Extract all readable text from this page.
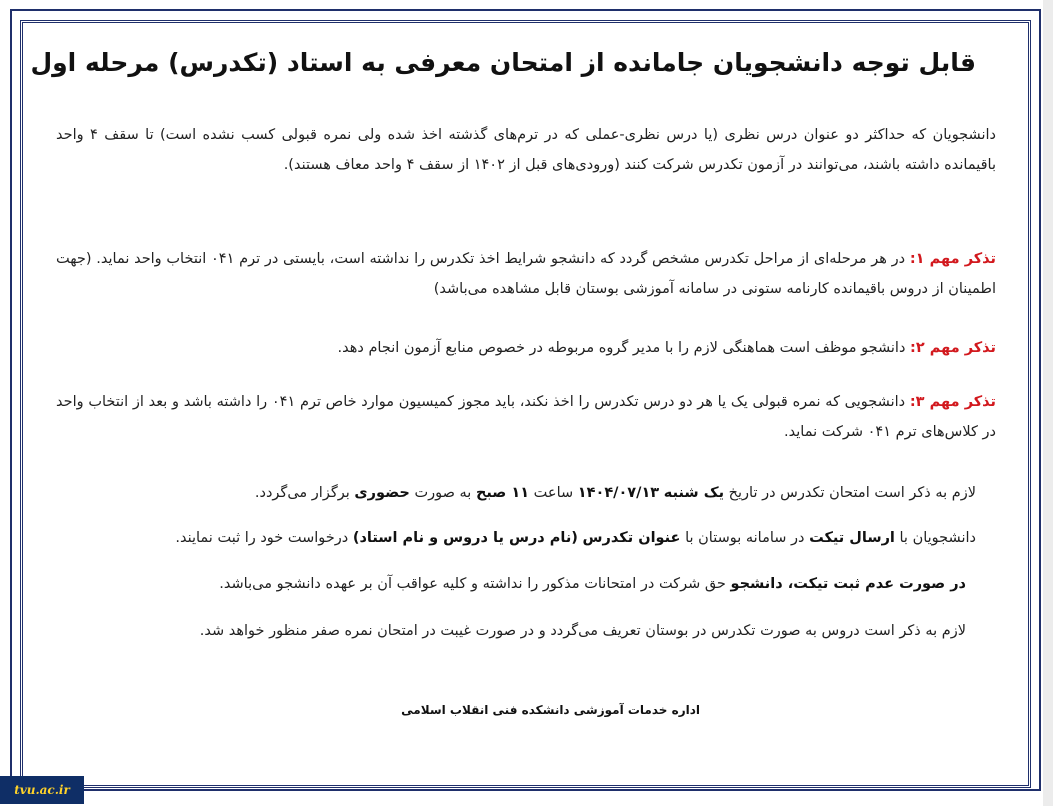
قابل توجه دانشجویان جامانده از امتحان معرفی به استاد (تکدرس) مرحله اول
دانشجویان که حداکثر دو عنوان درس نظری (یا درس نظری-عملی که در ترم‌های گذشته اخذ شده ولی نمره قبولی کسب نشده است) تا سقف ۴ واحد باقیمانده داشته باشند، می‌توانند در آزمون تکدرس شرکت کنند (ورودی‌های قبل از ۱۴۰۲ از سقف ۴ واحد معاف هستند).
تذکر مهم ۱: در هر مرحله‌ای از مراحل تکدرس مشخص گردد که دانشجو شرایط اخذ تکدرس را نداشته است، بایستی در ترم ۰۴۱ انتخاب واحد نماید. (جهت اطمینان از دروس باقیمانده کارنامه ستونی در سامانه آموزشی بوستان قابل مشاهده می‌باشد)
تذکر مهم ۲: دانشجو موظف است هماهنگی لازم را با مدیر گروه مربوطه در خصوص منابع آزمون انجام دهد.
تذکر مهم ۳: دانشجویی که نمره قبولی یک یا هر دو درس تکدرس را اخذ نکند، باید مجوز کمیسیون موارد خاص ترم ۰۴۱ را داشته باشد و بعد از انتخاب واحد در کلاس‌های ترم ۰۴۱ شرکت نماید.
لازم به ذکر است امتحان تکدرس در تاریخ یک شنبه ۱۴۰۴/۰۷/۱۳ ساعت ۱۱ صبح به صورت حضوری برگزار می‌گردد.
دانشجویان با ارسال تیکت در سامانه بوستان با عنوان تکدرس (نام درس یا دروس و نام استاد) درخواست خود را ثبت نمایند.
در صورت عدم ثبت تیکت، دانشجو حق شرکت در امتحانات مذکور را نداشته و کلیه عواقب آن بر عهده دانشجو می‌باشد.
لازم به ذکر است دروس به صورت تکدرس در بوستان تعریف می‌گردد و در صورت غیبت در امتحان نمره صفر منظور خواهد شد.
اداره خدمات آموزشی دانشکده فنی انقلاب اسلامی
tvu.ac.ir
